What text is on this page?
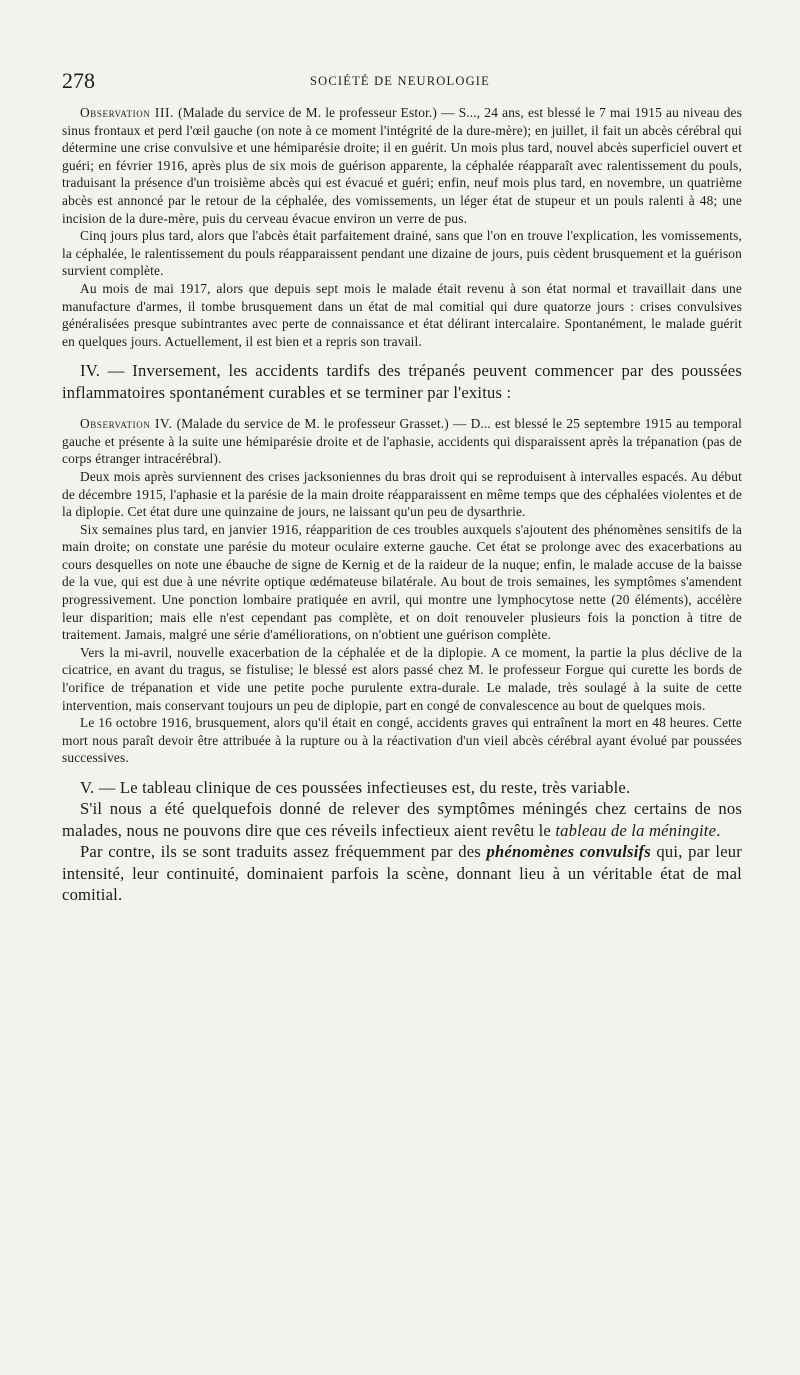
278	SOCIÉTÉ DE NEUROLOGIE

Observation III. (Malade du service de M. le professeur Estor.) — S..., 24 ans, est blessé le 7 mai 1915 au niveau des sinus frontaux et perd l'œil gauche (on note à ce moment l'intégrité de la dure-mère); en juillet, il fait un abcès cérébral qui détermine une crise convulsive et une hémiparésie droite; il en guérit. Un mois plus tard, nouvel abcès superficiel ouvert et guéri; en février 1916, après plus de six mois de guérison apparente, la céphalée réapparaît avec ralentissement du pouls, traduisant la présence d'un troisième abcès qui est évacué et guéri; enfin, neuf mois plus tard, en novembre, un quatrième abcès est annoncé par le retour de la céphalée, des vomissements, un léger état de stupeur et un pouls ralenti à 48; une incision de la dure-mère, puis du cerveau évacue environ un verre de pus.

Cinq jours plus tard, alors que l'abcès était parfaitement drainé, sans que l'on en trouve l'explication, les vomissements, la céphalée, le ralentissement du pouls réapparaissent pendant une dizaine de jours, puis cèdent brusquement et la guérison survient complète.

Au mois de mai 1917, alors que depuis sept mois le malade était revenu à son état normal et travaillait dans une manufacture d'armes, il tombe brusquement dans un état de mal comitial qui dure quatorze jours : crises convulsives généralisées presque subintrantes avec perte de connaissance et état délirant intercalaire. Spontanément, le malade guérit en quelques jours. Actuellement, il est bien et a repris son travail.

IV. — Inversement, les accidents tardifs des trépanés peuvent commencer par des poussées inflammatoires spontanément curables et se terminer par l'exitus :

Observation IV. (Malade du service de M. le professeur Grasset.) — D... est blessé le 25 septembre 1915 au temporal gauche et présente à la suite une hémiparésie droite et de l'aphasie, accidents qui disparaissent après la trépanation (pas de corps étranger intracérébral).

Deux mois après surviennent des crises jacksoniennes du bras droit qui se reproduisent à intervalles espacés. Au début de décembre 1915, l'aphasie et la parésie de la main droite réapparaissent en même temps que des céphalées violentes et de la diplopie. Cet état dure une quinzaine de jours, ne laissant qu'un peu de dysarthrie.

Six semaines plus tard, en janvier 1916, réapparition de ces troubles auxquels s'ajoutent des phénomènes sensitifs de la main droite; on constate une parésie du moteur oculaire externe gauche. Cet état se prolonge avec des exacerbations au cours desquelles on note une ébauche de signe de Kernig et de la raideur de la nuque; enfin, le malade accuse de la baisse de la vue, qui est due à une névrite optique œdémateuse bilatérale. Au bout de trois semaines, les symptômes s'amendent progressivement. Une ponction lombaire pratiquée en avril, qui montre une lymphocytose nette (20 éléments), accélère leur disparition; mais elle n'est cependant pas complète, et on doit renouveler plusieurs fois la ponction à titre de traitement. Jamais, malgré une série d'améliorations, on n'obtient une guérison complète.

Vers la mi-avril, nouvelle exacerbation de la céphalée et de la diplopie. A ce moment, la partie la plus déclive de la cicatrice, en avant du tragus, se fistulise; le blessé est alors passé chez M. le professeur Forgue qui curette les bords de l'orifice de trépanation et vide une petite poche purulente extra-durale. Le malade, très soulagé à la suite de cette intervention, mais conservant toujours un peu de diplopie, part en congé de convalescence au bout de quelques mois.

Le 16 octobre 1916, brusquement, alors qu'il était en congé, accidents graves qui entraînent la mort en 48 heures. Cette mort nous paraît devoir être attribuée à la rupture ou à la réactivation d'un vieil abcès cérébral ayant évolué par poussées successives.

V. — Le tableau clinique de ces poussées infectieuses est, du reste, très variable.

S'il nous a été quelquefois donné de relever des symptômes méningés chez certains de nos malades, nous ne pouvons dire que ces réveils infectieux aient revêtu le tableau de la méningite.

Par contre, ils se sont traduits assez fréquemment par des phénomènes convulsifs qui, par leur intensité, leur continuité, dominaient parfois la scène, donnant lieu à un véritable état de mal comitial.
